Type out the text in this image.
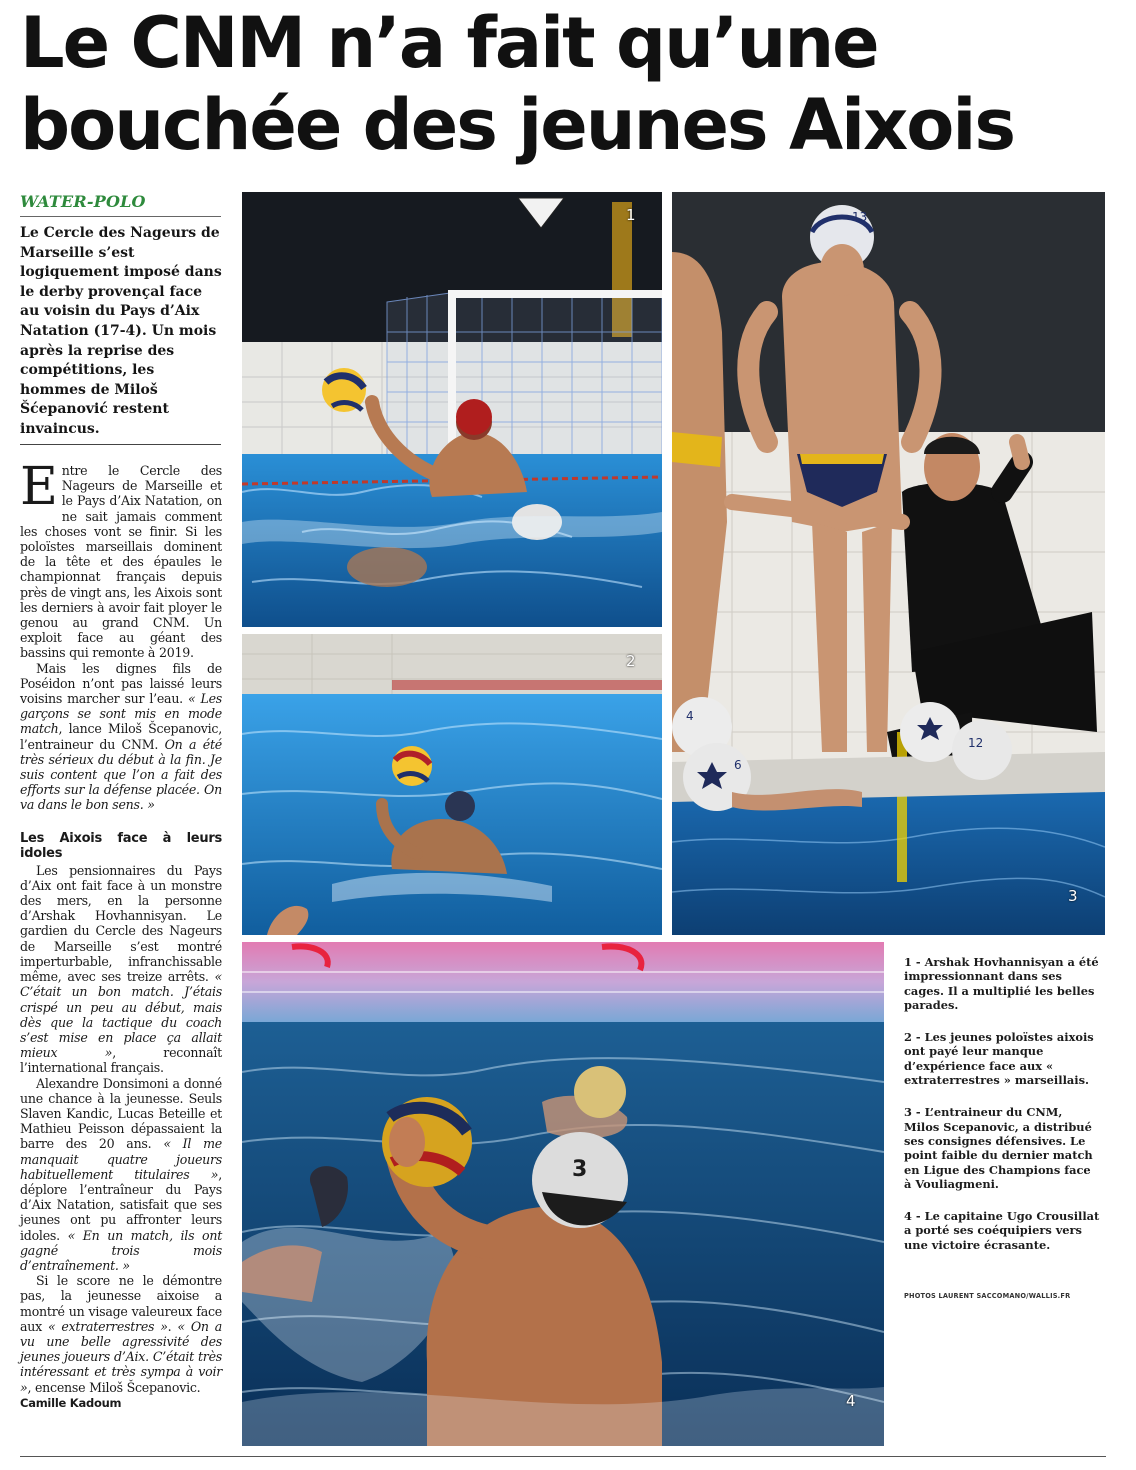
Le CNM n’a fait qu’une bouchée des jeunes Aixois
WATER-POLO

Le Cercle des Nageurs de Marseille s’est logiquement imposé dans le derby provençal face au voisin du Pays d’Aix Natation (17-4). Un mois après la reprise des compétitions, les hommes de Miloš Šćepanović restent invaincus.

Entre le Cercle des Nageurs de Marseille et le Pays d’Aix Natation, on ne sait jamais comment les choses vont se finir. Si les poloïstes marseillais dominent de la tête et des épaules le championnat français depuis près de vingt ans, les Aixois sont les derniers à avoir fait ployer le genou au grand CNM. Un exploit face au géant des bassins qui remonte à 2019.

Mais les dignes fils de Poséidon n’ont pas laissé leurs voisins marcher sur l’eau. « Les garçons se sont mis en mode match, lance Miloš Šcepanovic, l’entraineur du CNM. On a été très sérieux du début à la fin. Je suis content que l’on a fait des efforts sur la défense placée. On va dans le bon sens. »

Les Aixois face à leurs idoles

Les pensionnaires du Pays d’Aix ont fait face à un monstre des mers, en la personne d’Arshak Hovhannisyan. Le gardien du Cercle des Nageurs de Marseille s’est montré imperturbable, infranchissable même, avec ses treize arrêts. « C’était un bon match. J’étais crispé un peu au début, mais dès que la tactique du coach s’est mise en place ça allait mieux », reconnaît l’international français.

Alexandre Donsimoni a donné une chance à la jeunesse. Seuls Slaven Kandic, Lucas Beteille et Mathieu Peisson dépassaient la barre des 20 ans. « Il me manquait quatre joueurs habituellement titulaires », déplore l’entraîneur du Pays d’Aix Natation, satisfait que ses jeunes ont pu affronter leurs idoles. « En un match, ils ont gagné trois mois d’entraînement. »

Si le score ne le démontre pas, la jeunesse aixoise a montré un visage valeureux face aux « extraterrestres ». « On a vu une belle agressivité des jeunes joueurs d’Aix. C’était très intéressant et très sympa à voir », encense Miloš Šcepanovic.

Camille Kadoum

1
2
13
4
6
12
3
3
4

1 - Arshak Hovhannisyan a été impressionnant dans ses cages. Il a multiplié les belles parades.

2 - Les jeunes poloïstes aixois ont payé leur manque d’expérience face aux « extraterrestres » marseillais.

3 - L’entraineur du CNM, Milos Scepanovic, a distribué ses consignes défensives. Le point faible du dernier match en Ligue des Champions face à Vouliagmeni.

4 - Le capitaine Ugo Crousillat a porté ses coéquipiers vers une victoire écrasante.

PHOTOS LAURENT SACCOMANO/WALLIS.FR
